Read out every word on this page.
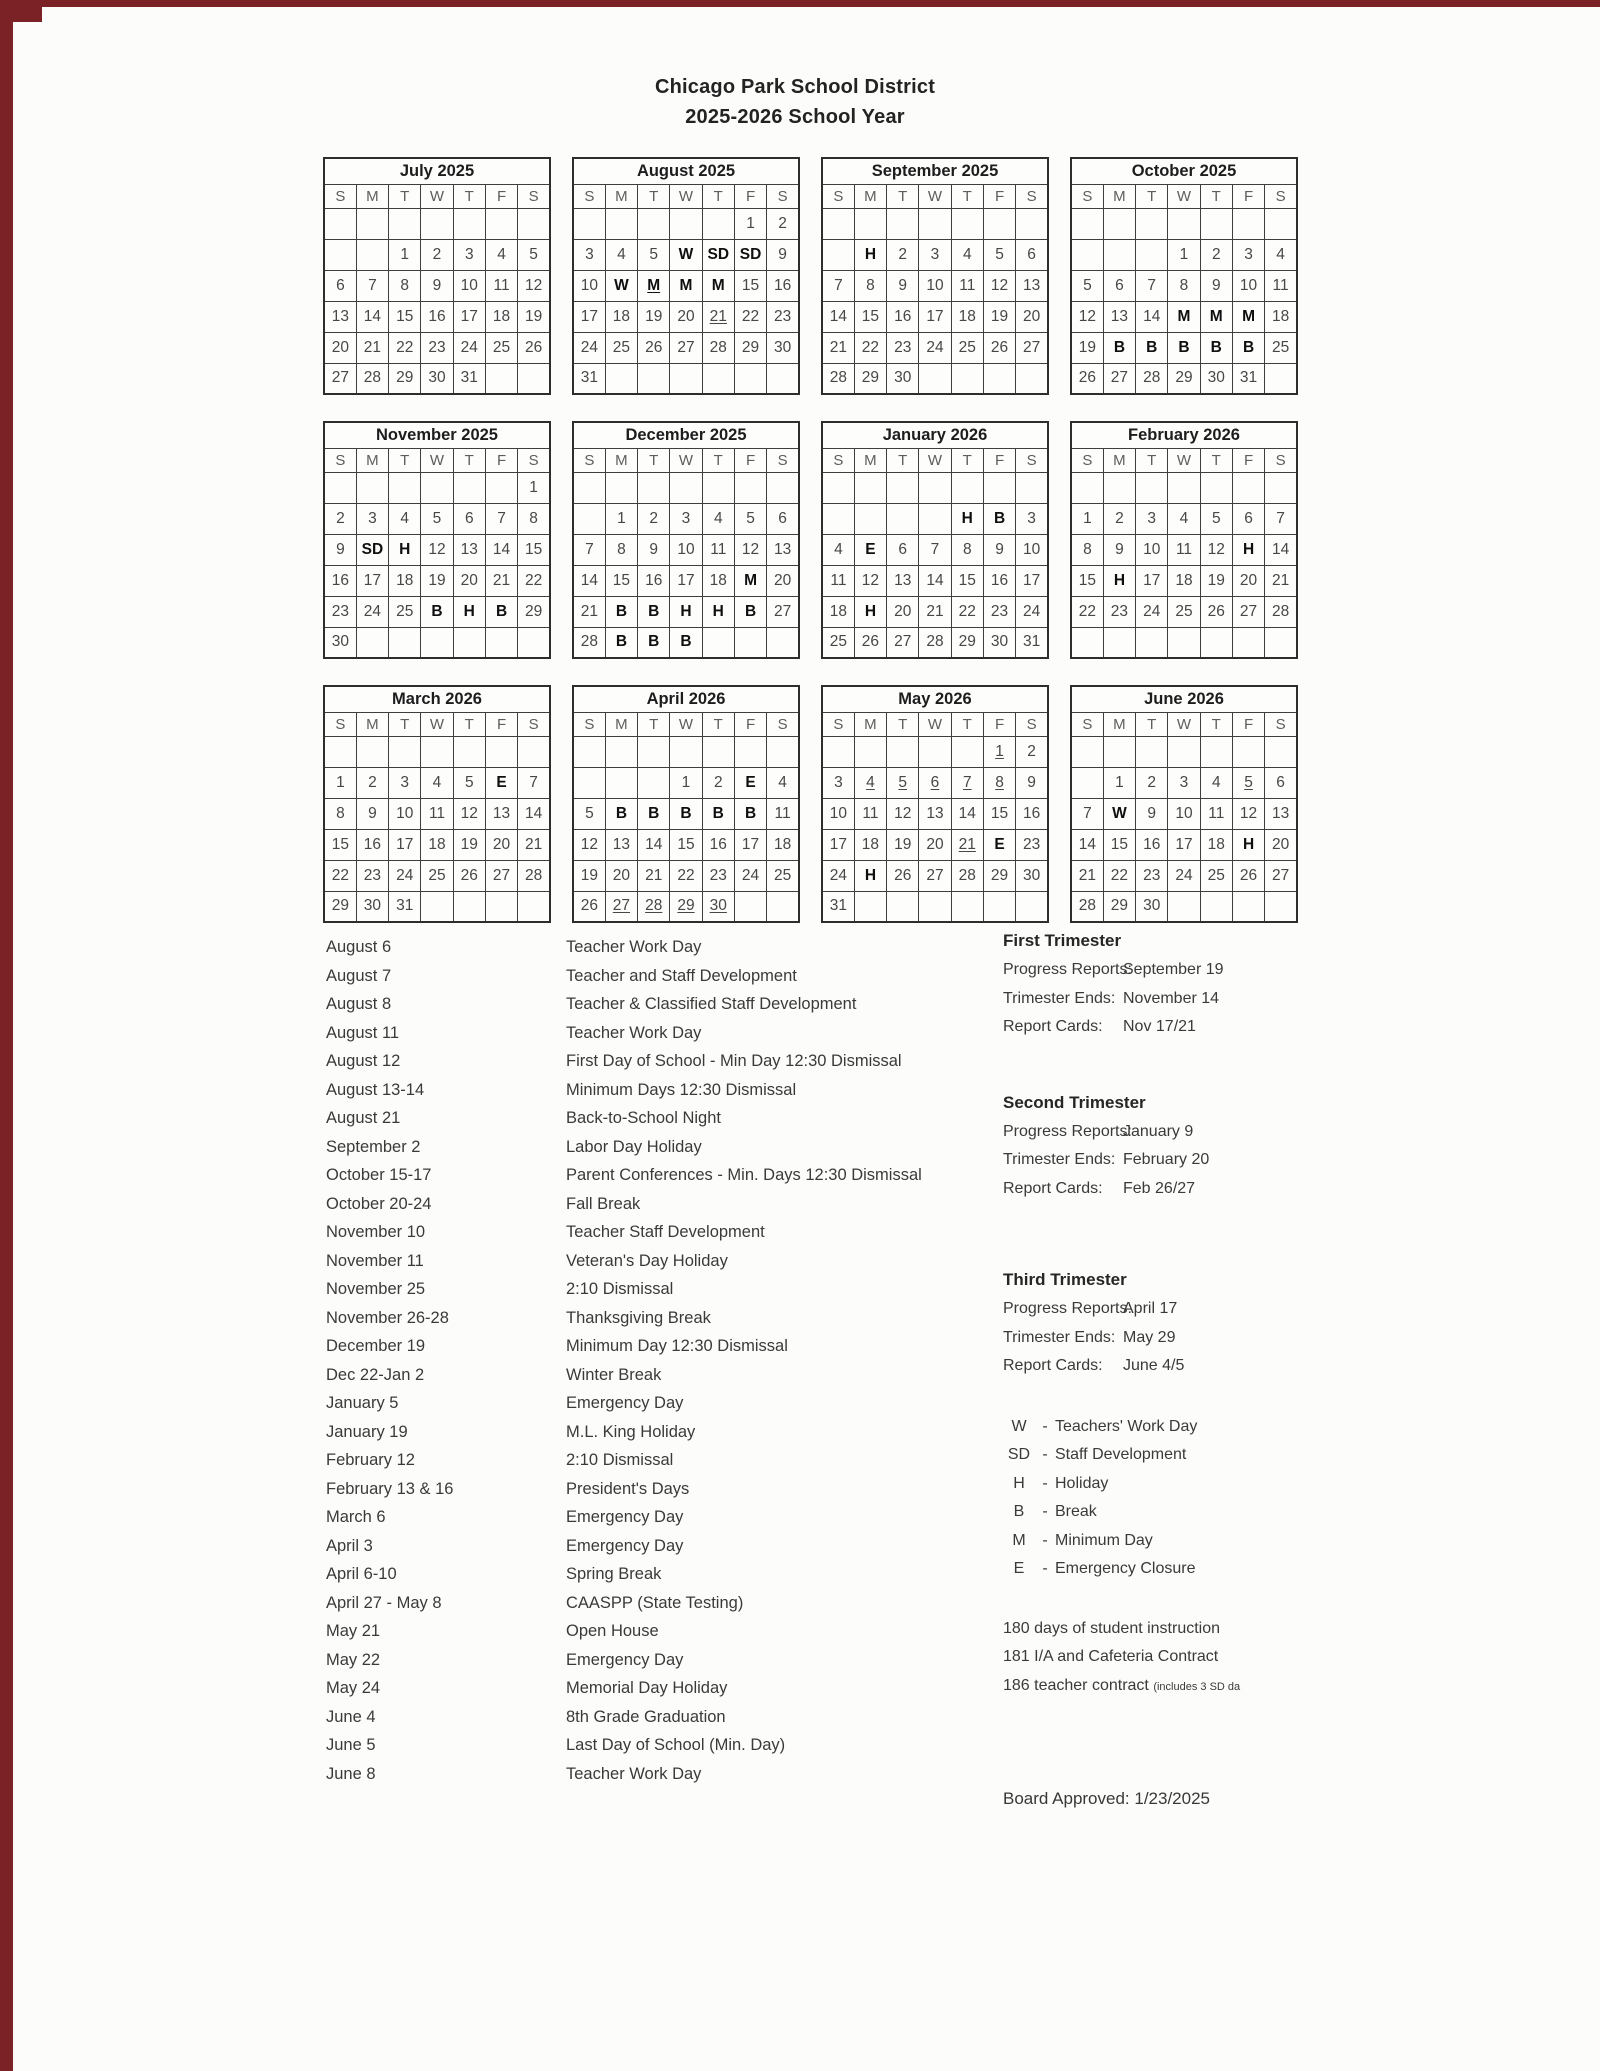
Chicago Park School District
2025-2026 School Year
July 2025						
S	M	T	W	T	F	S

		1	2	3	4	5
6	7	8	9	10	11	12
13	14	15	16	17	18	19
20	21	22	23	24	25	26
27	28	29	30	31		
August 2025						
S	M	T	W	T	F	S
					1	2
3	4	5	W	SD	SD	9
10	W	M	M	M	15	16
17	18	19	20	21	22	23
24	25	26	27	28	29	30
31						
September 2025						
S	M	T	W	T	F	S

	H	2	3	4	5	6
7	8	9	10	11	12	13
14	15	16	17	18	19	20
21	22	23	24	25	26	27
28	29	30				
October 2025						
S	M	T	W	T	F	S

			1	2	3	4
5	6	7	8	9	10	11
12	13	14	M	M	M	18
19	B	B	B	B	B	25
26	27	28	29	30	31	
November 2025						
S	M	T	W	T	F	S
						1
2	3	4	5	6	7	8
9	SD	H	12	13	14	15
16	17	18	19	20	21	22
23	24	25	B	H	B	29
30						
December 2025						
S	M	T	W	T	F	S

	1	2	3	4	5	6
7	8	9	10	11	12	13
14	15	16	17	18	M	20
21	B	B	H	H	B	27
28	B	B	B			
January 2026						
S	M	T	W	T	F	S

				H	B	3
4	E	6	7	8	9	10
11	12	13	14	15	16	17
18	H	20	21	22	23	24
25	26	27	28	29	30	31
February 2026						
S	M	T	W	T	F	S

1	2	3	4	5	6	7
8	9	10	11	12	H	14
15	H	17	18	19	20	21
22	23	24	25	26	27	28

March 2026						
S	M	T	W	T	F	S

1	2	3	4	5	E	7
8	9	10	11	12	13	14
15	16	17	18	19	20	21
22	23	24	25	26	27	28
29	30	31				
April 2026						
S	M	T	W	T	F	S

			1	2	E	4
5	B	B	B	B	B	11
12	13	14	15	16	17	18
19	20	21	22	23	24	25
26	27	28	29	30		
May 2026						
S	M	T	W	T	F	S
					1	2
3	4	5	6	7	8	9
10	11	12	13	14	15	16
17	18	19	20	21	E	23
24	H	26	27	28	29	30
31						
June 2026						
S	M	T	W	T	F	S

	1	2	3	4	5	6
7	W	9	10	11	12	13
14	15	16	17	18	H	20
21	22	23	24	25	26	27
28	29	30				
August 6	Teacher Work Day
August 7	Teacher and Staff Development
August 8	Teacher & Classified Staff Development
August 11	Teacher Work Day
August 12	First Day of School - Min Day 12:30 Dismissal
August 13-14	Minimum Days 12:30 Dismissal
August 21	Back-to-School Night
September 2	Labor Day Holiday
October 15-17	Parent Conferences - Min. Days 12:30 Dismissal
October 20-24	Fall Break
November 10	Teacher Staff Development
November 11	Veteran's Day Holiday
November 25	2:10 Dismissal
November 26-28	Thanksgiving Break
December 19	Minimum Day 12:30 Dismissal
Dec 22-Jan 2	Winter Break
January 5	Emergency Day
January 19	M.L. King Holiday
February 12	2:10 Dismissal
February 13 & 16	President's Days
March 6	Emergency Day
April 3	Emergency Day
April 6-10	Spring Break
April 27 - May 8	CAASPP (State Testing)
May 21	Open House
May 22	Emergency Day
May 24	Memorial Day Holiday
June 4	8th Grade Graduation
June 5	Last Day of School (Min. Day)
June 8	Teacher Work Day
First Trimester
Progress Reports:September 19
Trimester Ends: November 14
Report Cards: Nov 17/21
Second Trimester
Progress Reports:January 9
Trimester Ends: February 20
Report Cards: Feb 26/27
Third Trimester
Progress Reports:April 17
Trimester Ends: May 29
Report Cards: June 4/5
W - Teachers' Work Day
SD - Staff Development
H - Holiday
B - Break
M - Minimum Day
E - Emergency Closure
180 days of student instruction
181 I/A and Cafeteria Contract
186 teacher contract (includes 3 SD da
Board Approved: 1/23/2025
